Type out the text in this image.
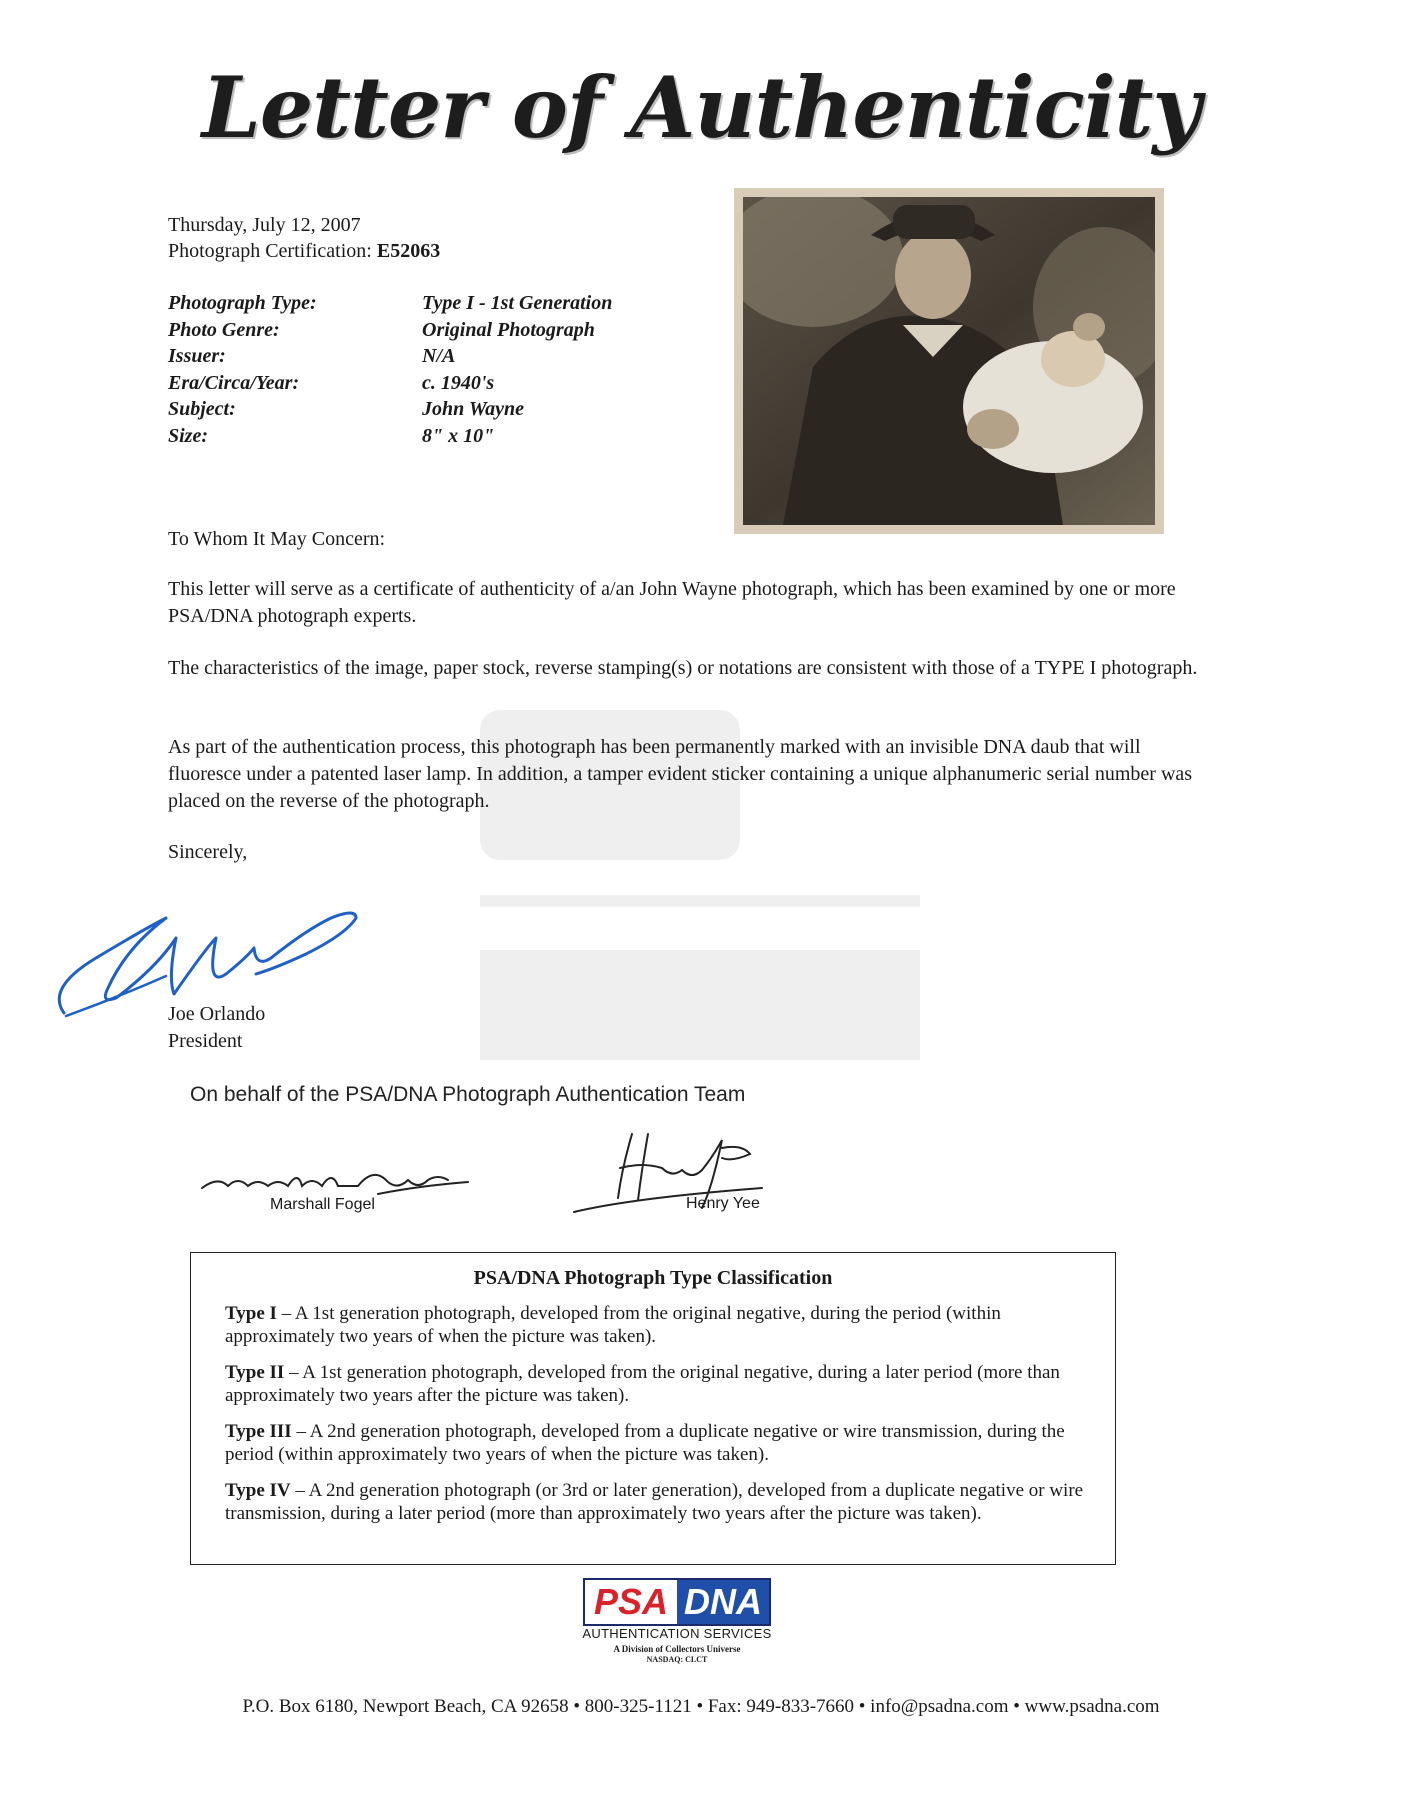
Letter of Authenticity
Thursday, July 12, 2007
Photograph Certification: E52063
Photograph Type:	Type I - 1st Generation
Photo Genre:	Original Photograph
Issuer:	N/A
Era/Circa/Year:	c. 1940's
Subject:	John Wayne
Size:	8" x 10"
To Whom It May Concern:
This letter will serve as a certificate of authenticity of a/an John Wayne photograph, which has been examined by one or more PSA/DNA photograph experts.
The characteristics of the image, paper stock, reverse stamping(s) or notations are consistent with those of a TYPE I photograph.
As part of the authentication process, this photograph has been permanently marked with an invisible DNA daub that will fluoresce under a patented laser lamp. In addition, a tamper evident sticker containing a unique alphanumeric serial number was placed on the reverse of the photograph.
Sincerely,
Joe Orlando
President
On behalf of the PSA/DNA Photograph Authentication Team
Marshall Fogel	Henry Yee
PSA/DNA Photograph Type Classification
Type I – A 1st generation photograph, developed from the original negative, during the period (within approximately two years of when the picture was taken).
Type II – A 1st generation photograph, developed from the original negative, during a later period (more than approximately two years after the picture was taken).
Type III – A 2nd generation photograph, developed from a duplicate negative or wire transmission, during the period (within approximately two years of when the picture was taken).
Type IV – A 2nd generation photograph (or 3rd or later generation), developed from a duplicate negative or wire transmission, during a later period (more than approximately two years after the picture was taken).
PSA DNA
AUTHENTICATION SERVICES
A Division of Collectors Universe
NASDAQ: CLCT
P.O. Box 6180, Newport Beach, CA 92658 • 800-325-1121 • Fax: 949-833-7660 • info@psadna.com • www.psadna.com
